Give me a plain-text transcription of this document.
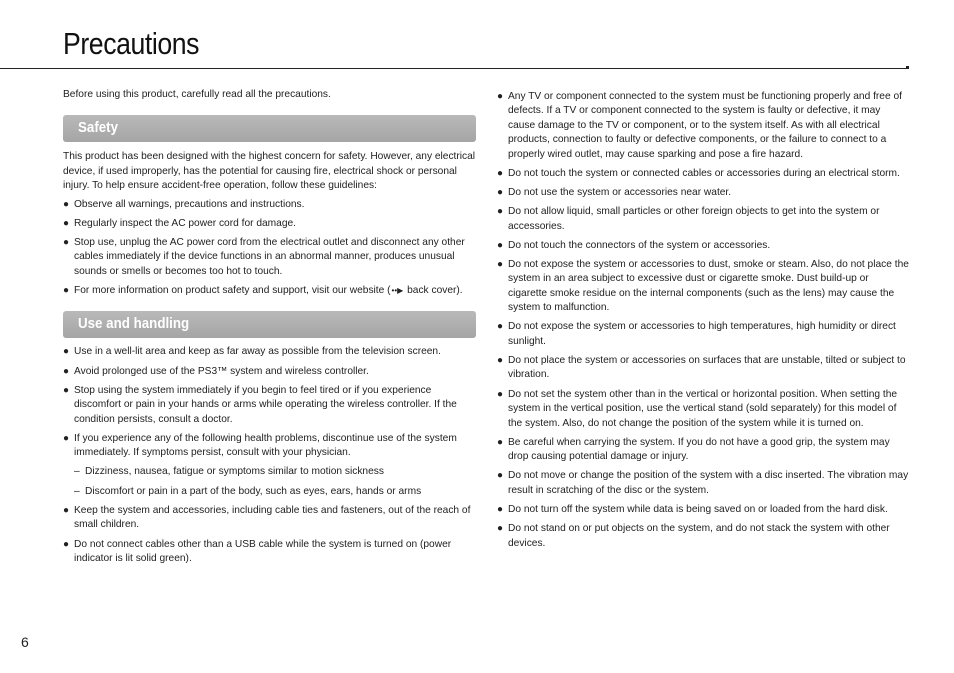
Precautions

Before using this product, carefully read all the precautions.

Safety

This product has been designed with the highest concern for safety. However, any electrical device, if used improperly, has the potential for causing fire, electrical shock or personal injury. To help ensure accident-free operation, follow these guidelines:

● Observe all warnings, precautions and instructions.
● Regularly inspect the AC power cord for damage.
● Stop use, unplug the AC power cord from the electrical outlet and disconnect any other cables immediately if the device functions in an abnormal manner, produces unusual sounds or smells or becomes too hot to touch.
● For more information on product safety and support, visit our website (••▶ back cover).
Use and handling
● Use in a well-lit area and keep as far away as possible from the television screen.
● Avoid prolonged use of the PS3™ system and wireless controller.
● Stop using the system immediately if you begin to feel tired or if you experience discomfort or pain in your hands or arms while operating the wireless controller. If the condition persists, consult a doctor.
● If you experience any of the following health problems, discontinue use of the system immediately. If symptoms persist, consult with your physician.
– Dizziness, nausea, fatigue or symptoms similar to motion sickness
– Discomfort or pain in a part of the body, such as eyes, ears, hands or arms
● Keep the system and accessories, including cable ties and fasteners, out of the reach of small children.
● Do not connect cables other than a USB cable while the system is turned on (power indicator is lit solid green).
● Any TV or component connected to the system must be functioning properly and free of defects. If a TV or component connected to the system is faulty or defective, it may cause damage to the TV or component, or to the system itself. As with all electrical products, connection to faulty or defective components, or the failure to connect to a properly wired outlet, may cause sparking and pose a fire hazard.
● Do not touch the system or connected cables or accessories during an electrical storm.
● Do not use the system or accessories near water.
● Do not allow liquid, small particles or other foreign objects to get into the system or accessories.
● Do not touch the connectors of the system or accessories.
● Do not expose the system or accessories to dust, smoke or steam. Also, do not place the system in an area subject to excessive dust or cigarette smoke. Dust build-up or cigarette smoke residue on the internal components (such as the lens) may cause the system to malfunction.
● Do not expose the system or accessories to high temperatures, high humidity or direct sunlight.
● Do not place the system or accessories on surfaces that are unstable, tilted or subject to vibration.
● Do not set the system other than in the vertical or horizontal position. When setting the system in the vertical position, use the vertical stand (sold separately) for this model of the system. Also, do not change the position of the system while it is turned on.
● Be careful when carrying the system. If you do not have a good grip, the system may drop causing potential damage or injury.
● Do not move or change the position of the system with a disc inserted. The vibration may result in scratching of the disc or the system.
● Do not turn off the system while data is being saved on or loaded from the hard disk.
● Do not stand on or put objects on the system, and do not stack the system with other devices.
6
